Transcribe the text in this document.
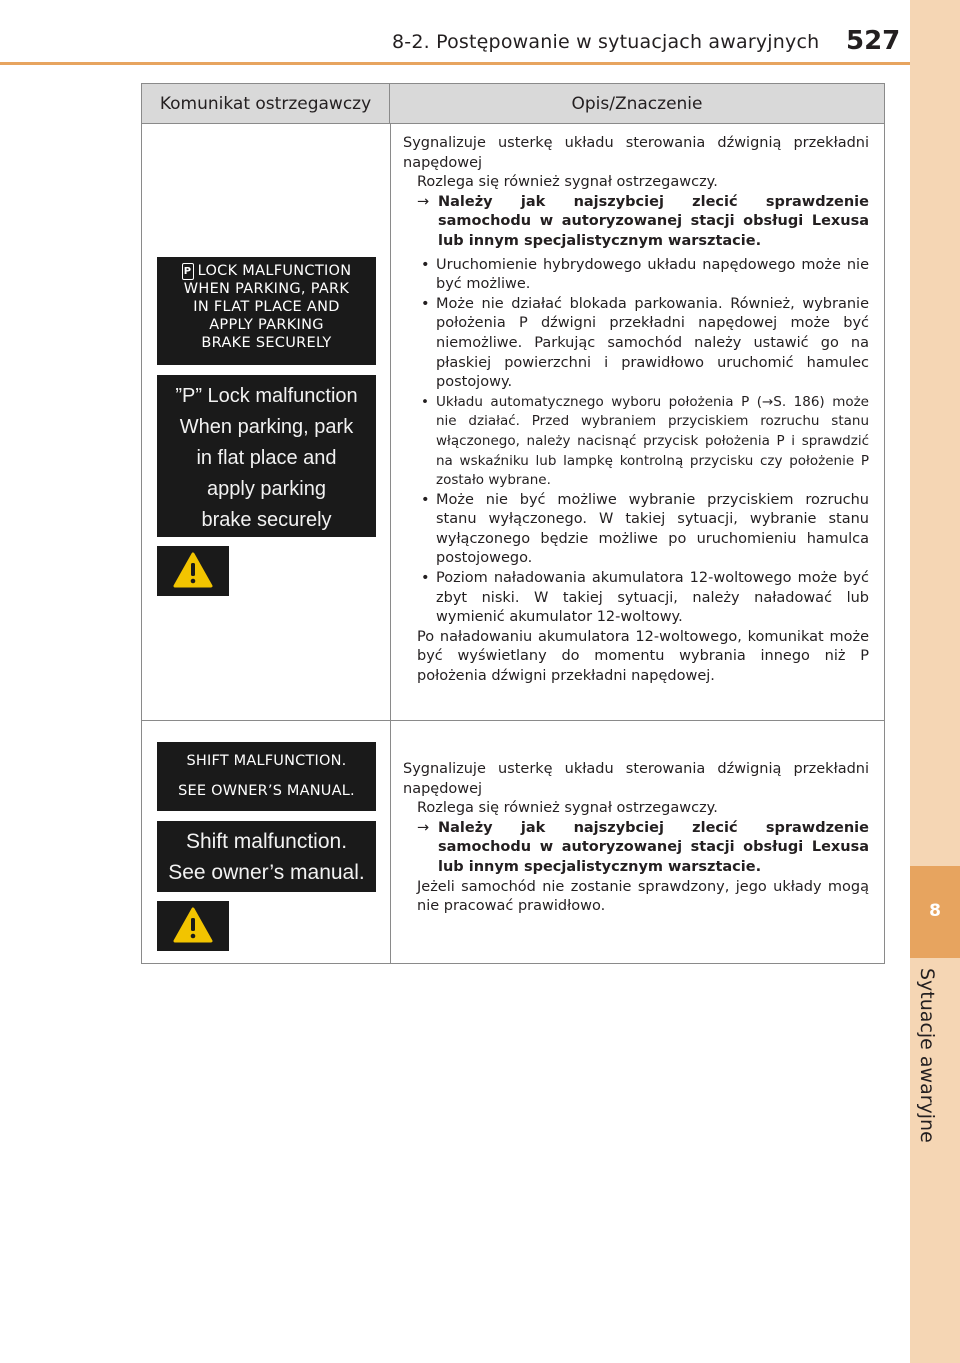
8-2. Postępowanie w sytuacjach awaryjnych 527
8
Sytuacje awaryjne
Komunikat ostrzegawczy	Opis/Znaczenie
P LOCK MALFUNCTION
WHEN PARKING, PARK
IN FLAT PLACE AND
APPLY PARKING
BRAKE SECURELY
”P” Lock malfunction
When parking, park
in flat place and
apply parking
brake securely

Sygnalizuje usterkę układu sterowania dźwignią przekładni napędowej

Rozlega się również sygnał ostrzegawczy.

→ Należy jak najszybciej zlecić sprawdzenie samochodu w autoryzowanej stacji obsługi Lexusa lub innym specjalistycznym warsztacie.

• Uruchomienie hybrydowego układu napędowego może nie być możliwe.
• Może nie działać blokada parkowania. Również, wybranie położenia P dźwigni przekładni napędowej może być niemożliwe. Parkując samochód należy ustawić go na płaskiej powierzchni i prawidłowo uruchomić hamulec postojowy.
• Układu automatycznego wyboru położenia P (→S. 186) może nie działać. Przed wybraniem przyciskiem rozruchu stanu włączonego, należy nacisnąć przycisk położenia P i sprawdzić na wskaźniku lub lampkę kontrolną przycisku czy położenie P zostało wybrane.
• Może nie być możliwe wybranie przyciskiem rozruchu stanu wyłączonego. W takiej sytuacji, wybranie stanu wyłączonego będzie możliwe po uruchomieniu hamulca postojowego.
• Poziom naładowania akumulatora 12-woltowego może być zbyt niski. W takiej sytuacji, należy naładować lub wymienić akumulator 12-woltowy.

Po naładowaniu akumulatora 12-woltowego, komunikat może być wyświetlany do momentu wybrania innego niż P położenia dźwigni przekładni napędowej.

SHIFT MALFUNCTION.
SEE OWNER’S MANUAL.
Shift malfunction.
See owner’s manual.

Sygnalizuje usterkę układu sterowania dźwignią przekładni napędowej

Rozlega się również sygnał ostrzegawczy.

→ Należy jak najszybciej zlecić sprawdzenie samochodu w autoryzowanej stacji obsługi Lexusa lub innym specjalistycznym warsztacie.

Jeżeli samochód nie zostanie sprawdzony, jego układy mogą nie pracować prawidłowo.
